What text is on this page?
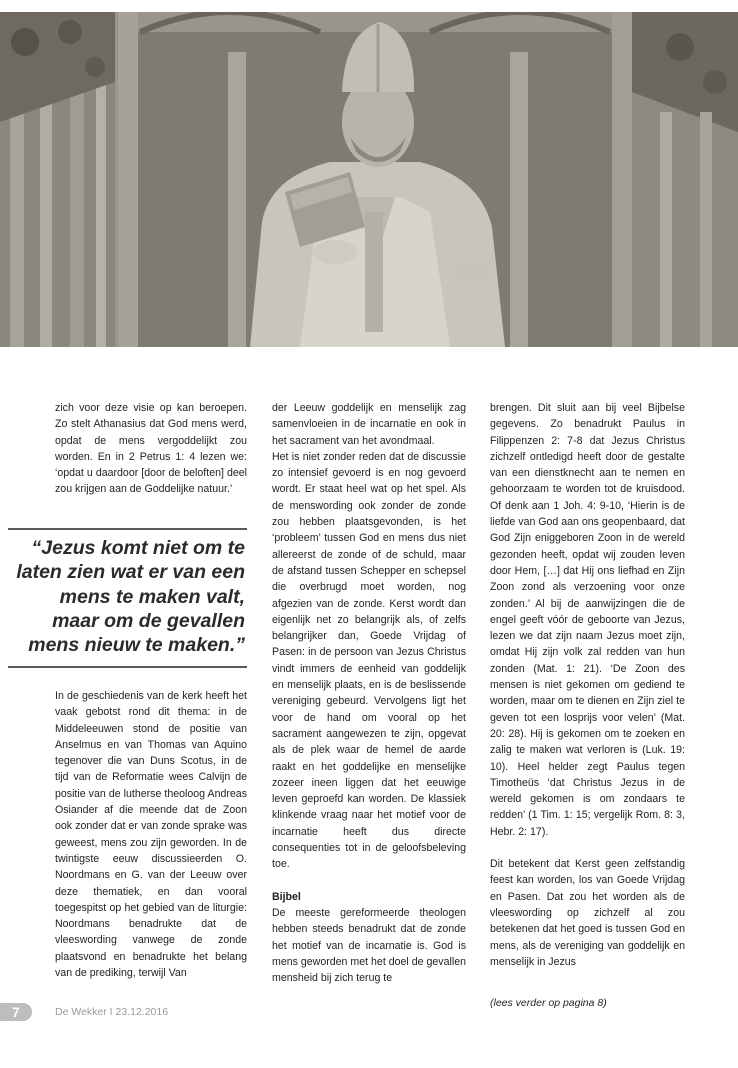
zich voor deze visie op kan beroepen. Zo stelt Athanasius dat God mens werd, opdat de mens vergoddelijkt zou worden. En in 2 Petrus 1: 4 lezen we: ‘opdat u daardoor [door de beloften] deel zou krijgen aan de Goddelijke natuur.’

“Jezus komt niet om te laten zien wat er van een mens te maken valt, maar om de gevallen mens nieuw te maken.”

In de geschiedenis van de kerk heeft het vaak gebotst rond dit thema: in de Middeleeuwen stond de positie van Anselmus en van Thomas van Aquino tegenover die van Duns Scotus, in de tijd van de Reformatie wees Calvijn de positie van de lutherse theoloog Andreas Osiander af die meende dat de Zoon ook zonder dat er van zonde sprake was geweest, mens zou zijn geworden. In de twintigste eeuw discussieerden O. Noordmans en G. van der Leeuw over deze thematiek, en dan vooral toegespitst op het gebied van de liturgie: Noordmans benadrukte dat de vleeswording vanwege de zonde plaatsvond en benadrukte het belang van de prediking, terwijl Van

der Leeuw goddelijk en menselijk zag samenvloeien in de incarnatie en ook in het sacrament van het avondmaal.

Het is niet zonder reden dat de discussie zo intensief gevoerd is en nog gevoerd wordt. Er staat heel wat op het spel. Als de menswording ook zonder de zonde zou hebben plaatsgevonden, is het ‘probleem’ tussen God en mens dus niet allereerst de zonde of de schuld, maar de afstand tussen Schepper en schepsel die overbrugd moet worden, nog afgezien van de zonde. Kerst wordt dan eigenlijk net zo belangrijk als, of zelfs belangrijker dan, Goede Vrijdag of Pasen: in de persoon van Jezus Christus vindt immers de eenheid van goddelijk en menselijk plaats, en is de beslissende vereniging gebeurd. Vervolgens ligt het voor de hand om vooral op het sacrament aangewezen te zijn, opgevat als de plek waar de hemel de aarde raakt en het goddelijke en menselijke zozeer ineen liggen dat het eeuwige leven geproefd kan worden. De klassiek klinkende vraag naar het motief voor de incarnatie heeft dus directe consequenties tot in de geloofsbeleving toe.

Bijbel

De meeste gereformeerde theologen hebben steeds benadrukt dat de zonde het motief van de incarnatie is. God is mens geworden met het doel de gevallen mensheid bij zich terug te

brengen. Dit sluit aan bij veel Bijbelse gegevens. Zo benadrukt Paulus in Filippenzen 2: 7-8 dat Jezus Christus zichzelf ontledigd heeft door de gestalte van een dienstknecht aan te nemen en gehoorzaam te worden tot de kruisdood. Of denk aan 1 Joh. 4: 9-10, ‘Hierin is de liefde van God aan ons geopenbaard, dat God Zijn eniggeboren Zoon in de wereld gezonden heeft, opdat wij zouden leven door Hem, […] dat Hij ons liefhad en Zijn Zoon zond als verzoening voor onze zonden.’ Al bij de aanwijzingen die de engel geeft vóór de geboorte van Jezus, lezen we dat zijn naam Jezus moet zijn, omdat Hij zijn volk zal redden van hun zonden (Mat. 1: 21). ‘De Zoon des mensen is niet gekomen om gediend te worden, maar om te dienen en Zijn ziel te geven tot een losprijs voor velen’ (Mat. 20: 28). Hij is gekomen om te zoeken en zalig te maken wat verloren is (Luk. 19: 10). Heel helder zegt Paulus tegen Timotheüs ‘dat Christus Jezus in de wereld gekomen is om zondaars te redden’ (1 Tim. 1: 15; vergelijk Rom. 8: 3, Hebr. 2: 17).

Dit betekent dat Kerst geen zelfstandig feest kan worden, los van Goede Vrijdag en Pasen. Dat zou het worden als de vleeswording op zichzelf al zou betekenen dat het goed is tussen God en mens, als de vereniging van goddelijk en menselijk in Jezus

(lees verder op pagina 8)
7	De Wekker I 23.12.2016
